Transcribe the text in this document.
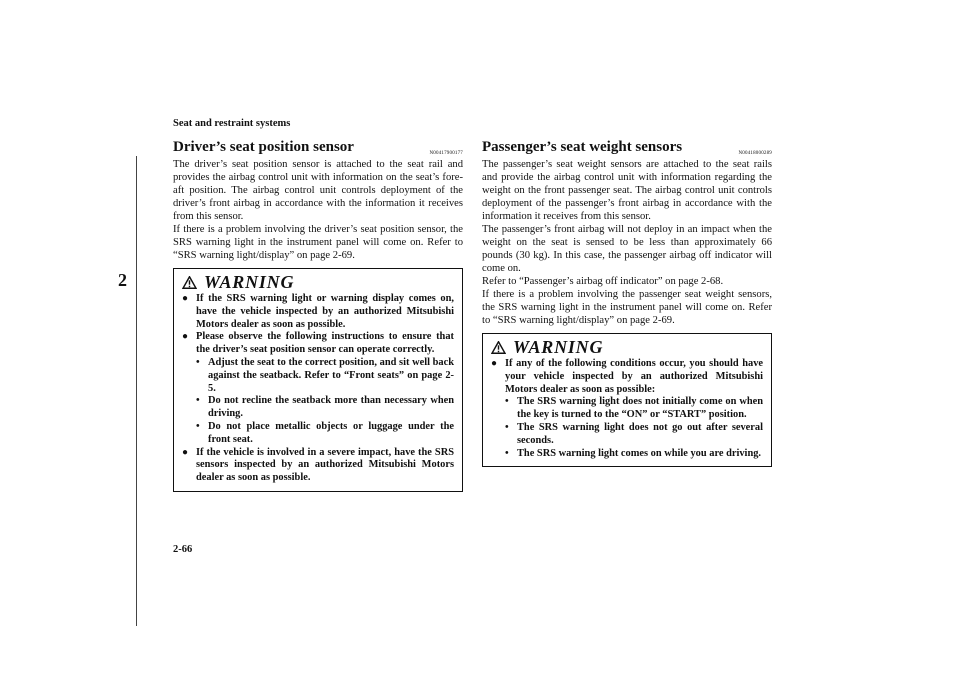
Seat and restraint systems
2
Driver’s seat position sensor	N00417900177

The driver’s seat position sensor is attached to the seat rail and provides the airbag control unit with information on the seat’s fore-aft position. The airbag control unit controls deployment of the driver’s front airbag in accordance with the information it receives from this sensor.

If there is a problem involving the driver’s seat position sensor, the SRS warning light in the instrument panel will come on. Refer to “SRS warning light/display” on page 2-69.

WARNING
● If the SRS warning light or warning display comes on, have the vehicle inspected by an authorized Mitsubishi Motors dealer as soon as possible.
● Please observe the following instructions to ensure that the driver’s seat position sensor can operate correctly.
• Adjust the seat to the correct position, and sit well back against the seatback. Refer to “Front seats” on page 2-5.
• Do not recline the seatback more than necessary when driving.
• Do not place metallic objects or luggage under the front seat.
● If the vehicle is involved in a severe impact, have the SRS sensors inspected by an authorized Mitsubishi Motors dealer as soon as possible.
Passenger’s seat weight sensors	N00418000289

The passenger’s seat weight sensors are attached to the seat rails and provide the airbag control unit with information regarding the weight on the front passenger seat. The airbag control unit controls deployment of the passenger’s front airbag in accordance with the information it receives from this sensor.

The passenger’s front airbag will not deploy in an impact when the weight on the seat is sensed to be less than approximately 66 pounds (30 kg). In this case, the passenger airbag off indicator will come on.

Refer to “Passenger’s airbag off indicator” on page 2-68.

If there is a problem involving the passenger seat weight sensors, the SRS warning light in the instrument panel will come on. Refer to “SRS warning light/display” on page 2-69.

WARNING
● If any of the following conditions occur, you should have your vehicle inspected by an authorized Mitsubishi Motors dealer as soon as possible:
• The SRS warning light does not initially come on when the key is turned to the “ON” or “START” position.
• The SRS warning light does not go out after several seconds.
• The SRS warning light comes on while you are driving.
2-66
